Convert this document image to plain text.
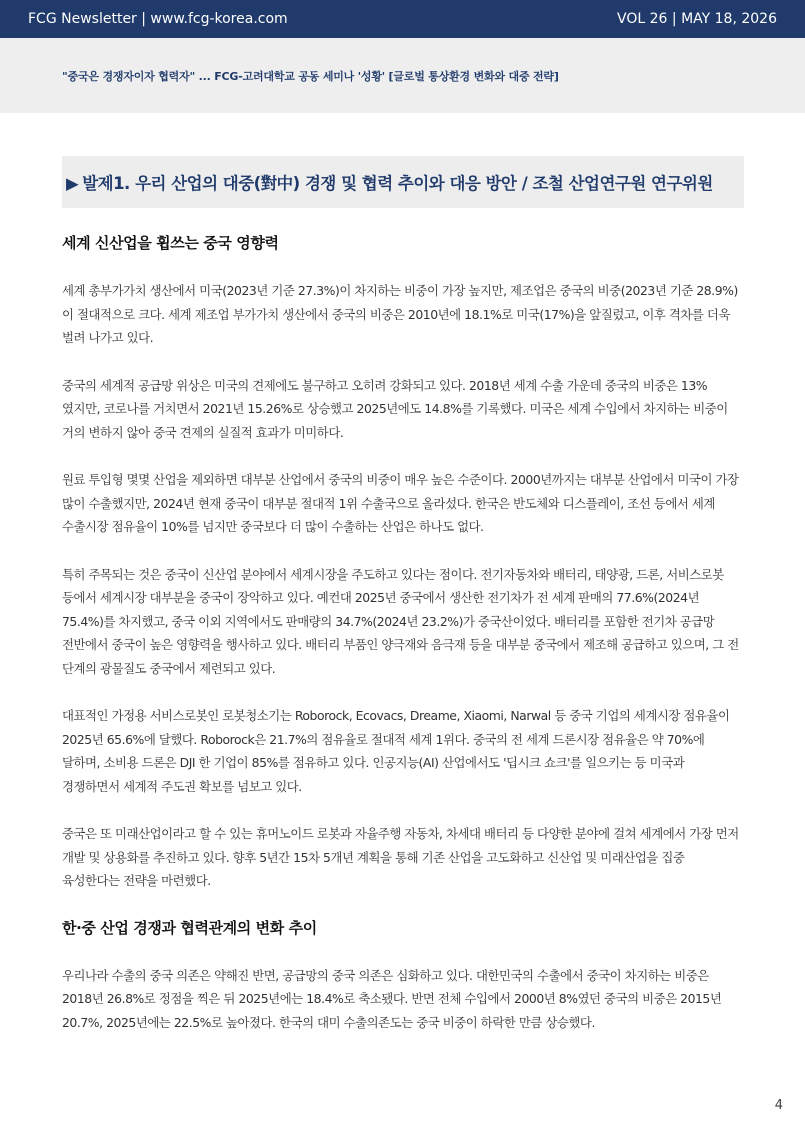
FCG Newsletter | www.fcg-korea.com	VOL 26 | MAY 18, 2026
"중국은 경쟁자이자 협력자" ... FCG-고려대학교 공동 세미나 '성황' [글로벌 통상환경 변화와 대중 전략]
▶ 발제1. 우리 산업의 대중(對中) 경쟁 및 협력 추이와 대응 방안 / 조철 산업연구원 연구위원
세계 신산업을 휩쓰는 중국 영향력

세계 총부가가치 생산에서 미국(2023년 기준 27.3%)이 차지하는 비중이 가장 높지만, 제조업은 중국의 비중(2023년 기준 28.9%)이 절대적으로 크다. 세계 제조업 부가가치 생산에서 중국의 비중은 2010년에 18.1%로 미국(17%)을 앞질렀고, 이후 격차를 더욱 벌려 나가고 있다.

중국의 세계적 공급망 위상은 미국의 견제에도 불구하고 오히려 강화되고 있다. 2018년 세계 수출 가운데 중국의 비중은 13%였지만, 코로나를 거치면서 2021년 15.26%로 상승했고 2025년에도 14.8%를 기록했다. 미국은 세계 수입에서 차지하는 비중이 거의 변하지 않아 중국 견제의 실질적 효과가 미미하다.

원료 투입형 몇몇 산업을 제외하면 대부분 산업에서 중국의 비중이 매우 높은 수준이다. 2000년까지는 대부분 산업에서 미국이 가장 많이 수출했지만, 2024년 현재 중국이 대부분 절대적 1위 수출국으로 올라섰다. 한국은 반도체와 디스플레이, 조선 등에서 세계 수출시장 점유율이 10%를 넘지만 중국보다 더 많이 수출하는 산업은 하나도 없다.

특히 주목되는 것은 중국이 신산업 분야에서 세계시장을 주도하고 있다는 점이다. 전기자동차와 배터리, 태양광, 드론, 서비스로봇 등에서 세계시장 대부분을 중국이 장악하고 있다. 예컨대 2025년 중국에서 생산한 전기차가 전 세계 판매의 77.6%(2024년 75.4%)를 차지했고, 중국 이외 지역에서도 판매량의 34.7%(2024년 23.2%)가 중국산이었다. 배터리를 포함한 전기차 공급망 전반에서 중국이 높은 영향력을 행사하고 있다. 배터리 부품인 양극재와 음극재 등을 대부분 중국에서 제조해 공급하고 있으며, 그 전 단계의 광물질도 중국에서 제련되고 있다.

대표적인 가정용 서비스로봇인 로봇청소기는 Roborock, Ecovacs, Dreame, Xiaomi, Narwal 등 중국 기업의 세계시장 점유율이 2025년 65.6%에 달했다. Roborock은 21.7%의 점유율로 절대적 세계 1위다. 중국의 전 세계 드론시장 점유율은 약 70%에 달하며, 소비용 드론은 DJI 한 기업이 85%를 점유하고 있다. 인공지능(AI) 산업에서도 '딥시크 쇼크'를 일으키는 등 미국과 경쟁하면서 세계적 주도권 확보를 넘보고 있다.

중국은 또 미래산업이라고 할 수 있는 휴머노이드 로봇과 자율주행 자동차, 차세대 배터리 등 다양한 분야에 걸쳐 세계에서 가장 먼저 개발 및 상용화를 추진하고 있다. 향후 5년간 15차 5개년 계획을 통해 기존 산업을 고도화하고 신산업 및 미래산업을 집중 육성한다는 전략을 마련했다.

한·중 산업 경쟁과 협력관계의 변화 추이

우리나라 수출의 중국 의존은 약해진 반면, 공급망의 중국 의존은 심화하고 있다. 대한민국의 수출에서 중국이 차지하는 비중은 2018년 26.8%로 정점을 찍은 뒤 2025년에는 18.4%로 축소됐다. 반면 전체 수입에서 2000년 8%였던 중국의 비중은 2015년 20.7%, 2025년에는 22.5%로 높아졌다. 한국의 대미 수출의존도는 중국 비중이 하락한 만큼 상승했다.

4
